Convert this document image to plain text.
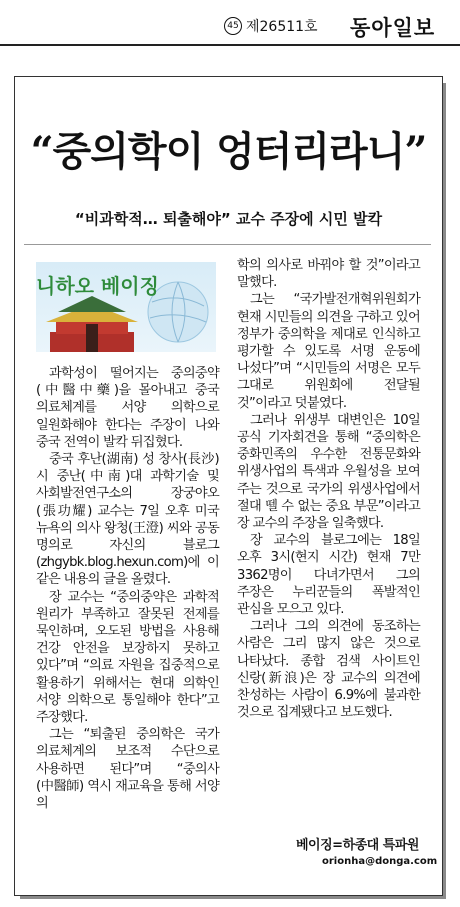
45 제26511호 동아일보
“중의학이 엉터리라니”
“비과학적… 퇴출해야” 교수 주장에 시민 발칵
니하오 베이징

과학성이 떨어지는 중의중약(中醫中藥)을 몰아내고 중국 의료체계를 서양 의학으로 일원화해야 한다는 주장이 나와 중국 전역이 발칵 뒤집혔다.

중국 후난(湖南) 성 창사(長沙) 시 중난(中南)대 과학기술 및 사회발전연구소의 장궁야오(張功耀) 교수는 7일 오후 미국 뉴욕의 의사 왕청(王澄) 씨와 공동 명의로 자신의 블로그(zhgybk.blog.hexun.com)에 이 같은 내용의 글을 올렸다.

장 교수는 “중의중약은 과학적 원리가 부족하고 잘못된 전제를 묵인하며, 오도된 방법을 사용해 건강 안전을 보장하지 못하고 있다”며 “의료 자원을 집중적으로 활용하기 위해서는 현대 의학인 서양 의학으로 통일해야 한다”고 주장했다.

그는 “퇴출된 중의학은 국가 의료체계의 보조적 수단으로 사용하면 된다”며 “중의사(中醫師) 역시 재교육을 통해 서양 의

학의 의사로 바꿔야 할 것”이라고 말했다.

그는 “국가발전개혁위원회가 현재 시민들의 의견을 구하고 있어 정부가 중의학을 제대로 인식하고 평가할 수 있도록 서명 운동에 나섰다”며 “시민들의 서명은 모두 그대로 위원회에 전달될 것”이라고 덧붙였다.

그러나 위생부 대변인은 10일 공식 기자회견을 통해 “중의학은 중화민족의 우수한 전통문화와 위생사업의 특색과 우월성을 보여 주는 것으로 국가의 위생사업에서 절대 뗄 수 없는 중요 부문”이라고 장 교수의 주장을 일축했다.

장 교수의 블로그에는 18일 오후 3시(현지 시간) 현재 7만 3362명이 다녀가면서 그의 주장은 누리꾼들의 폭발적인 관심을 모으고 있다.

그러나 그의 의견에 동조하는 사람은 그리 많지 않은 것으로 나타났다. 종합 검색 사이트인 신랑(新浪)은 장 교수의 의견에 찬성하는 사람이 6.9%에 불과한 것으로 집계됐다고 보도했다.

베이징=하종대 특파원
orionha@donga.com
